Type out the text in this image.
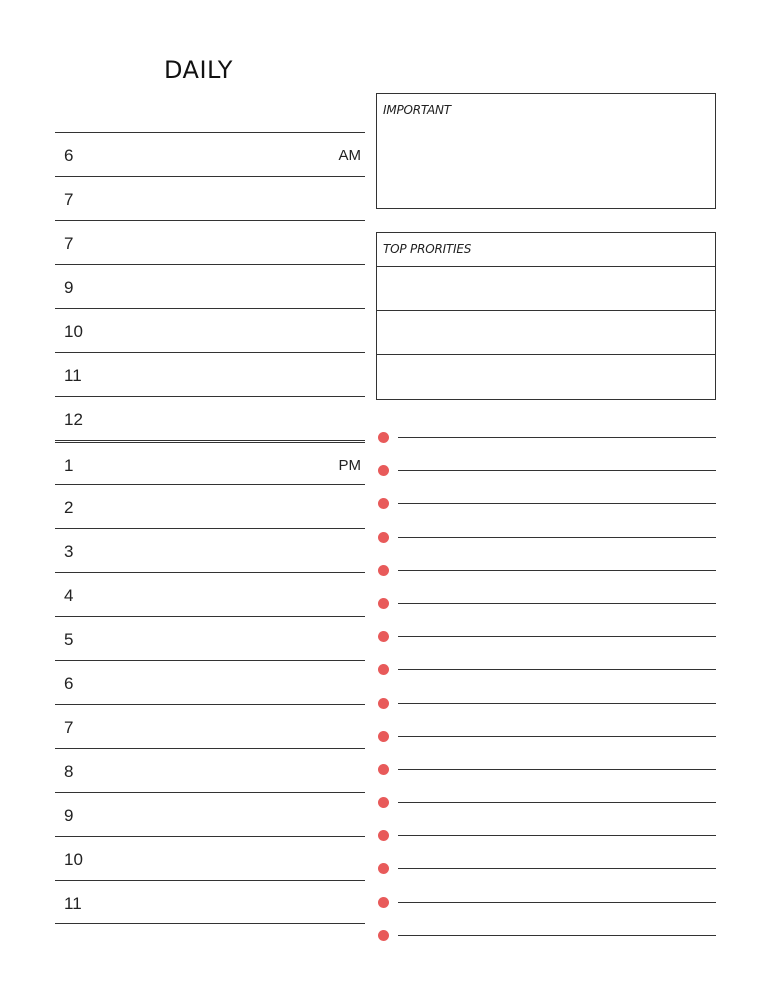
DAILY
6	AM
7
7
9
10
11
12
1	PM
2
3
4
5
6
7
8
9
10
11
IMPORTANT
TOP PRORITIES
